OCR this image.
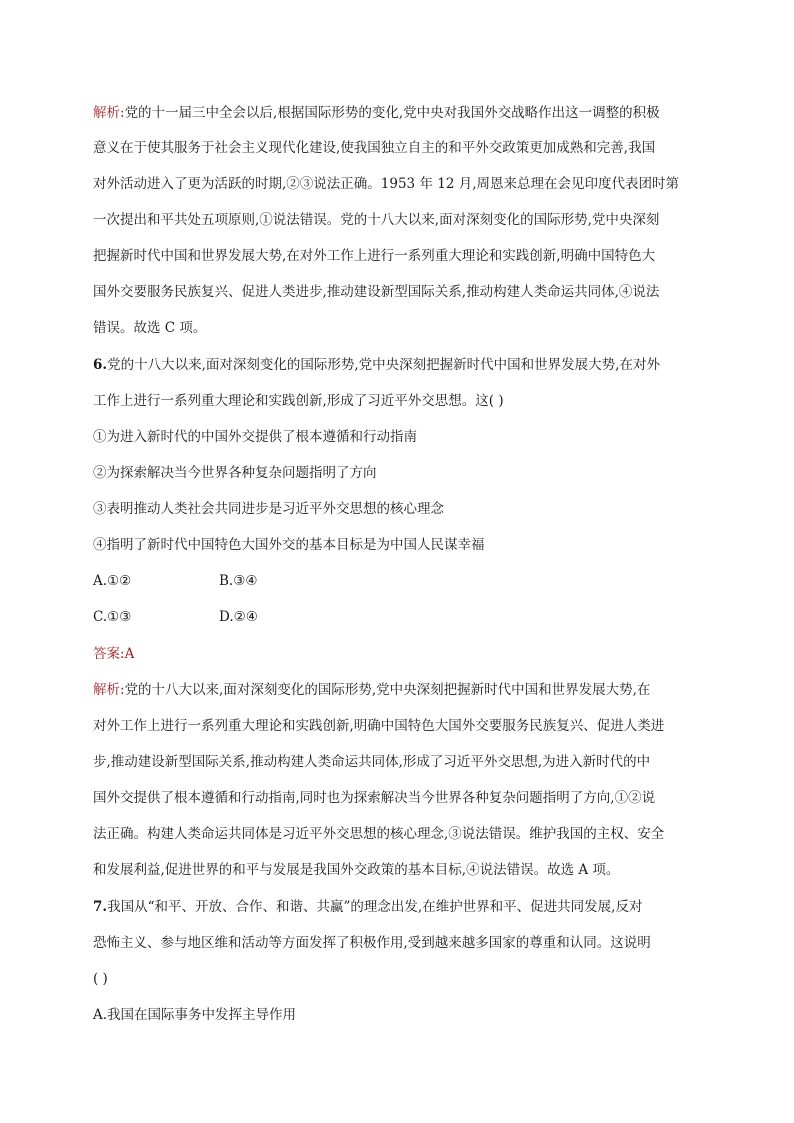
解析:党的十一届三中全会以后,根据国际形势的变化,党中央对我国外交战略作出这一调整的积极
意义在于使其服务于社会主义现代化建设,使我国独立自主的和平外交政策更加成熟和完善,我国
对外活动进入了更为活跃的时期,②③说法正确。1953 年 12 月,周恩来总理在会见印度代表团时第
一次提出和平共处五项原则,①说法错误。党的十八大以来,面对深刻变化的国际形势,党中央深刻
把握新时代中国和世界发展大势,在对外工作上进行一系列重大理论和实践创新,明确中国特色大
国外交要服务民族复兴、促进人类进步,推动建设新型国际关系,推动构建人类命运共同体,④说法
错误。故选 C 项。
6.党的十八大以来,面对深刻变化的国际形势,党中央深刻把握新时代中国和世界发展大势,在对外
工作上进行一系列重大理论和实践创新,形成了习近平外交思想。这( )
①为进入新时代的中国外交提供了根本遵循和行动指南
②为探索解决当今世界各种复杂问题指明了方向
③表明推动人类社会共同进步是习近平外交思想的核心理念
④指明了新时代中国特色大国外交的基本目标是为中国人民谋幸福
A.①②	B.③④
C.①③	D.②④
答案:A
解析:党的十八大以来,面对深刻变化的国际形势,党中央深刻把握新时代中国和世界发展大势,在
对外工作上进行一系列重大理论和实践创新,明确中国特色大国外交要服务民族复兴、促进人类进
步,推动建设新型国际关系,推动构建人类命运共同体,形成了习近平外交思想,为进入新时代的中
国外交提供了根本遵循和行动指南,同时也为探索解决当今世界各种复杂问题指明了方向,①②说
法正确。构建人类命运共同体是习近平外交思想的核心理念,③说法错误。维护我国的主权、安全
和发展利益,促进世界的和平与发展是我国外交政策的基本目标,④说法错误。故选 A 项。
7.我国从“和平、开放、合作、和谐、共赢”的理念出发,在维护世界和平、促进共同发展,反对
恐怖主义、参与地区维和活动等方面发挥了积极作用,受到越来越多国家的尊重和认同。这说明
( )
A.我国在国际事务中发挥主导作用
